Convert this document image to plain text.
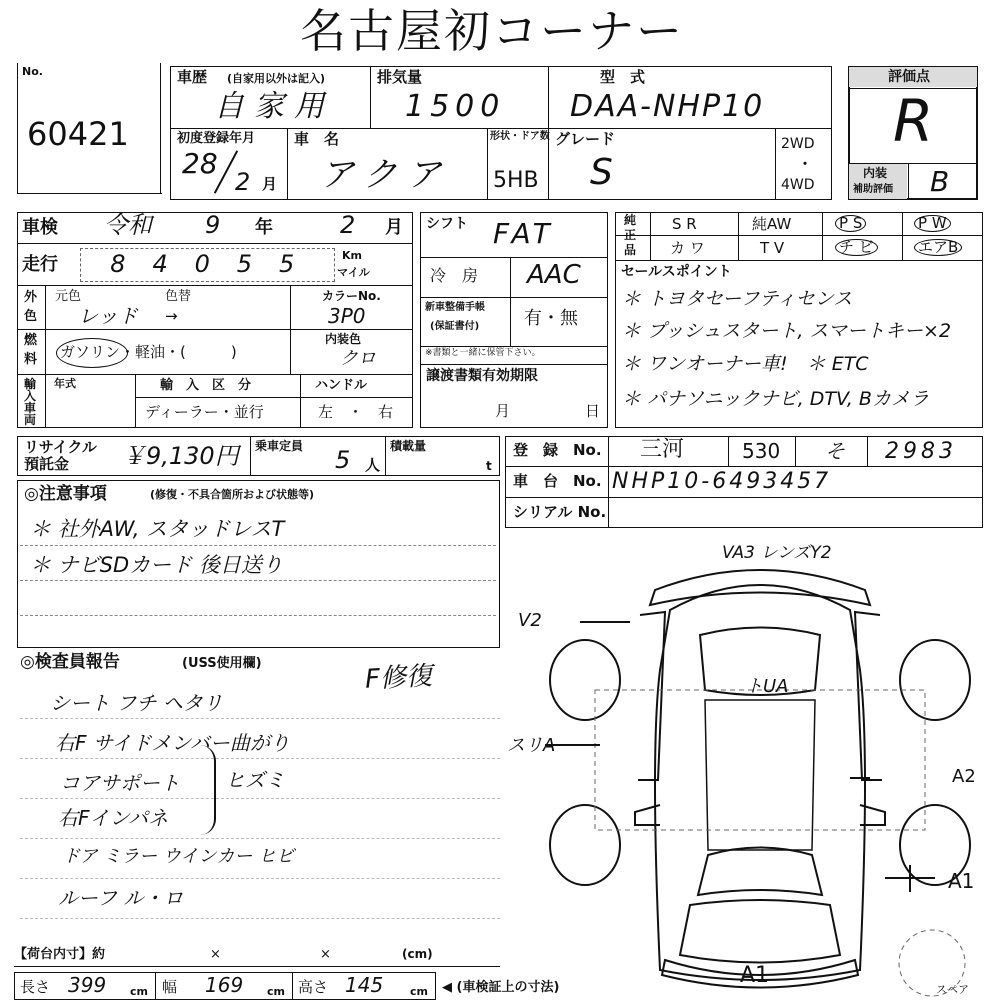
名古屋初コーナー
No.
60421
車歴 (自家用以外は記入)
自家用
排気量
1500
型　式
DAA-NHP10
初度登録年月
28
2 月
車　名
アクア
形状・ドア数
5HB
グレード
S
2WD
・
4WD
評価点
R
内装
補助評価 B
車検 令和 9 年	2 月
走行	8	4	0	5	5	Km
マイル
外
色
元色	色替
レッド →
カラーNo.
3P0
燃
料 ガソリン・軽油・(　　　)
内装色
クロ
輸入車両
年式	輸　入　区　分
ディーラー・並行
ハンドル
左　・　右
シフト FAT
冷　房 AAC
新車整備手帳
(保証書付) 有・無
※書類と一緒に保管下さい。
譲渡書類有効期限
月	日
純
正
品
S R	純AW	P S	P W
カ ワ	T V	チ ビ	エアB
セールスポイント
＊ トヨタセーフティセンス
＊ プッシュスタート, スマートキー×2
＊ ワンオーナー車!　＊ ETC
＊ パナソニックナビ, DTV, Bカメラ
リサイクル
預託金 ￥9,130円 乗車定員 5 人
積載量
t
登　録　No. 三河	530 そ 2983
車　台　No. NHP10-6493457
シリアル No.
◎注意事項	(修復・不具合箇所および状態等)
＊ 社外AW, スタッドレスT
＊ ナビSDカード 後日送り
◎検査員報告	(USS使用欄)	F修復
シート フチ ヘタリ
右F サイドメンバー曲がり
コアサポート
右Fインパネ
ドア ミラー ウインカー ヒビ
ルーフ ル・ロ
ヒズミ
VA3 レンズY2
V2
トUA
スリA
A2
A1
A1
スペア
【荷台内寸】約	×	×	(cm)
長さ 399 cm 幅 169 cm 高さ 145 cm ◀ (車検証上の寸法)
